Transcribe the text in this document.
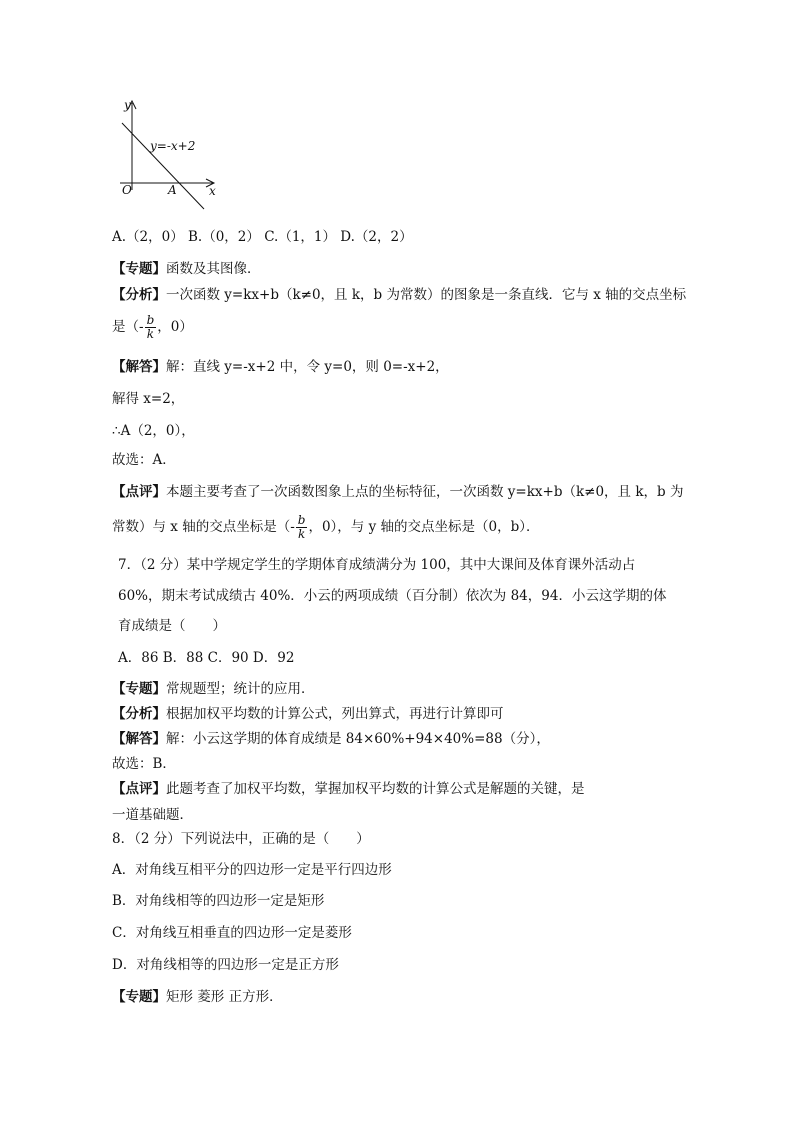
y
x
O	A
y=-x+2
A.（2，0） B.（0，2） C.（1，1） D.（2，2）
【专题】函数及其图像．
【分析】一次函数 y=kx+b（k≠0，且 k，b 为常数）的图象是一条直线．它与 x 轴的交点坐标
是（- $\frac{b}{k}$ ，0）
【解答】解：直线 y=-x+2 中，令 y=0，则 0=-x+2，
解得 x=2，
∴A（2，0），
故选：A．
【点评】本题主要考查了一次函数图象上点的坐标特征，一次函数 y=kx+b（k≠0，且 k，b 为
常数）与 x 轴的交点坐标是（- $\frac{b}{k}$ ，0），与 y 轴的交点坐标是（0，b）．
7．（2 分）某中学规定学生的学期体育成绩满分为 100，其中大课间及体育课外活动占
60%，期末考试成绩古 40%．小云的两项成绩（百分制）依次为 84，94．小云这学期的体
育成绩是（　　）
A．86 B．88 C．90 D．92
【专题】常规题型；统计的应用．
【分析】根据加权平均数的计算公式，列出算式，再进行计算即可
【解答】解：小云这学期的体育成绩是 84×60%+94×40%=88（分），
故选：B．
【点评】此题考查了加权平均数，掌握加权平均数的计算公式是解题的关键，是
一道基础题．
8．（2 分）下列说法中，正确的是（　　）
A．对角线互相平分的四边形一定是平行四边形
B．对角线相等的四边形一定是矩形
C．对角线互相垂直的四边形一定是菱形
D．对角线相等的四边形一定是正方形
【专题】矩形 菱形 正方形．
